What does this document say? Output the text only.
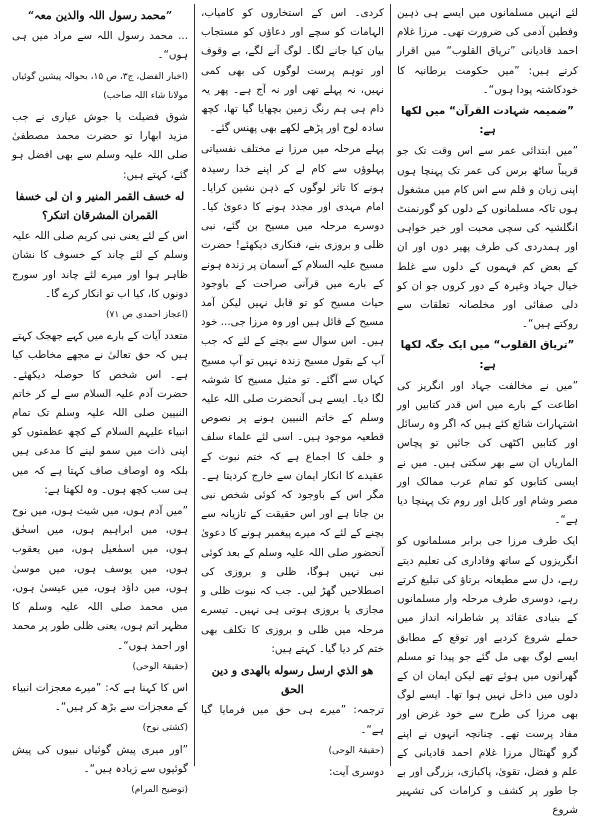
لئے انہیں مسلمانوں میں ایسے ہی ذہین وفطین آدمی کی ضرورت تھی۔ مرزا غلام احمد قادیانی ”تریاق القلوب“ میں اقرار کرتے ہیں: ”میں حکومت برطانیہ کا خودکاشتہ پودا ہوں“۔

”ضمیمہ شہادت القرآن“ میں لکھا ہے:

”میں ابتدائی عمر سے اس وقت تک جو قریباً ساٹھ برس کی عمر تک پہنچا ہوں اپنی زبان و قلم سے اس کام میں مشغول ہوں تاکہ مسلمانوں کے دلوں کو گورنمنٹ انگلشیہ کی سچی محبت اور خیر خواہی اور ہمدردی کی طرف پھیر دوں اور ان کے بعض کم فہموں کے دلوں سے غلط خیال جہاد وغیرہ کے دور کروں جو ان کو دلی صفائی اور مخلصانہ تعلقات سے روکتے ہیں“۔

”تریاق القلوب“ میں ایک جگہ لکھا ہے:

”میں نے مخالفت جہاد اور انگریز کی اطاعت کے بارے میں اس قدر کتابیں اور اشتہارات شائع کئے ہیں کہ اگر وہ رسائل اور کتابیں اکٹھی کی جائیں تو پچاس الماریاں ان سے بھر سکتی ہیں۔ میں نے ایسی کتابوں کو تمام عرب ممالک اور مصر وشام اور کابل اور روم تک پہنچا دیا ہے“۔

ایک طرف مرزا جی برابر مسلمانوں کو انگریزوں کے ساتھ وفاداری کی تعلیم دیتے رہے، دل سے مطیعانہ برتاؤ کی تبلیغ کرتے رہے، دوسری طرف مرحلہ وار مسلمانوں کے بنیادی عقائد پر شاطرانہ انداز میں حملے شروع کردیے اور توقع کے مطابق ایسے لوگ بھی مل گئے جو پیدا تو مسلم گھرانوں میں ہوئے تھے لیکن ایمان ان کے دلوں میں داخل نہیں ہوا تھا۔ ایسے لوگ بھی مرزا کی طرح سے خود غرض اور مفاد پرست تھے۔ چنانچہ انہوں نے اپنے گرو گھنٹال مرزا غلام احمد قادیانی کے علم و فضل، تقویٰ، پاکبازی، بزرگی اور بے جا طور پر کشف و کرامات کی تشہیر شروع

کردی۔ اس کے استخاروں کو کامیاب، الہامات کو سچے اور دعاؤں کو مستجاب بیان کیا جانے لگا۔ لوگ آنے لگے، بے وقوف اور توہم پرست لوگوں کی بھی کمی نہیں، نہ پہلے تھی اور نہ آج ہے۔ پھر یہ دام ہی ہم رنگ زمین بچھایا گیا تھا، کچھ سادہ لوح اور پڑھے لکھے بھی پھنس گئے۔

پہلے مرحلہ میں مرزا نے مختلف نفسیاتی پہلوؤں سے کام لے کر اپنے خدا رسیدہ ہونے کا تاثر لوگوں کے ذہن نشین کرایا۔ امام مہدی اور مجدد ہونے کا دعویٰ کیا۔ دوسرے مرحلہ میں مسیح بن گئے، نبی ظلی و بروزی بنے، فنکاری دیکھئے! حضرت مسیح علیہ السلام کے آسمان پر زندہ ہونے کے بارے میں قرآنی صراحت کے باوجود حیات مسیح کو تو قابل نہیں لیکن آمد مسیح کے قائل ہیں اور وہ مرزا جی... خود ہیں۔ اس سوال سے بچنے کے لئے کہ جب آپ کے بقول مسیح زندہ نہیں تو آپ مسیح کہاں سے آگئے۔ تو مثیل مسیح کا شوشہ لگا دیا۔ ایسے ہی آنحضرت صلی اللہ علیہ وسلم کے خاتم النبیین ہونے پر نصوص قطعیہ موجود ہیں۔ اسی لئے علماء سلف و خلف کا اجماع ہے کہ ختم نبوت کے عقیدے کا انکار ایمان سے خارج کردیتا ہے۔ مگر اس کے باوجود کہ کوئی شخص نبی بن جاتا ہے اور اس حقیقت کے تازیانہ سے بچنے کے لئے کہ میرے پیغمبر ہونے کا دعویٰ آنحضور صلی اللہ علیہ وسلم کے بعد کوئی نبی نہیں ہوگا، ظلی و بروزی کی اصطلاحیں گھڑ لیں۔ جب کہ نبوت ظلی و مجازی یا بروزی ہوتی ہی نہیں۔ تیسرے مرحلہ میں ظلی و بروزی کا تکلف بھی ختم کر دیا گیا۔ کہتے ہیں:

هو الذي ارسل رسوله بالهدى و دين الحق

ترجمہ: ”میرے ہی حق میں فرمایا گیا ہے“۔

(حقیقۃ الوحی)

دوسری آیت:

”محمد رسول اللہ والذین معہ“

... محمد رسول اللہ سے مراد میں ہی ہوں“۔

(اخبار الفضل، ج۳، ص ۱۵، بحوالہ پیشین گوئیاں مولانا شاء اللہ صاحب)

شوق فضیلت یا جوش عیاری نے جب مزید ابھارا تو حضرت محمد مصطفیٰ صلی اللہ علیہ وسلم سے بھی افضل ہو گئے، کہتے ہیں:

له خسف القمر المنير و ان لی خسفا القمران المشرقان اتنكر؟

اس کے لئے یعنی نبی کریم صلی اللہ علیہ وسلم کے لئے چاند کے خسوف کا نشان ظاہر ہوا اور میرے لئے چاند اور سورج دونوں کا، کیا اب تو انکار کرے گا۔

(اعجاز احمدی ص ۷۱)

متعدد آیات کے بارے میں کہے جھجک کہتے ہیں کہ حق تعالیٰ نے مجھے مخاطب کیا ہے۔ اس شخص کا حوصلہ دیکھئے۔ حضرت آدم علیہ السلام سے لے کر خاتم النبیین صلی اللہ علیہ وسلم تک تمام انبیاء علیہم السلام کے کچھ عظمتوں کو اپنی ذات میں سمو لینے کا مدعی ہیں بلکہ وہ اوصاف صاف کہتا ہے کہ میں ہی سب کچھ ہوں۔ وہ لکھتا ہے:

”میں آدم ہوں، میں شیث ہوں، میں نوح ہوں، میں ابراہیم ہوں، میں اسحٰق ہوں، میں اسمٰعیل ہوں، میں یعقوب ہوں، میں یوسف ہوں، میں موسیٰ ہوں، میں داؤد ہوں، میں عیسیٰ ہوں، میں محمد صلی اللہ علیہ وسلم کا مظہر اتم ہوں، یعنی ظلی طور پر محمد اور احمد ہوں“۔

(حقیقۃ الوحی)

اس کا کہنا ہے کہ: ”میرے معجزات انبیاء کے معجزات سے بڑھ کر ہیں“۔

(کشتی نوح)

”اور میری پیش گوئیاں نبیوں کی پیش گوئیوں سے زیادہ ہیں“۔

(توضیح المرام)
